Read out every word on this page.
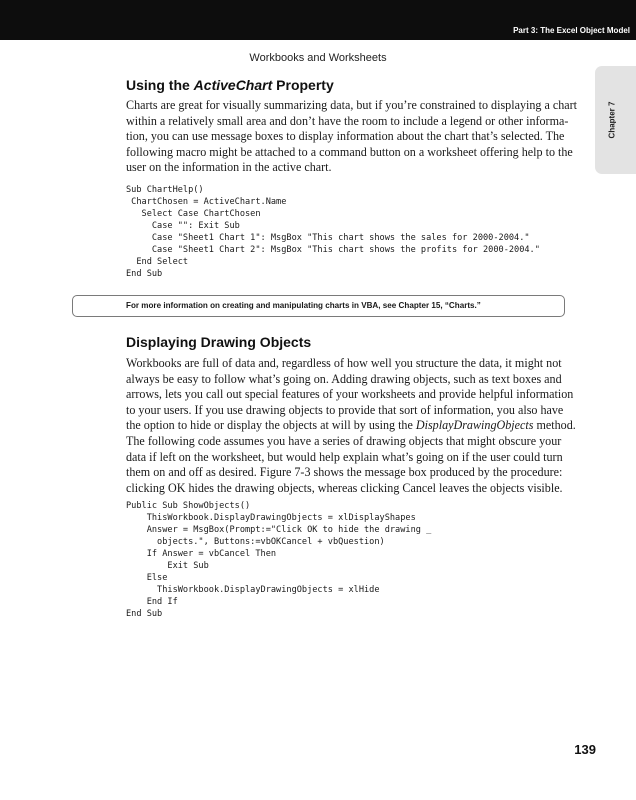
Part 3: The Excel Object Model
Workbooks and Worksheets
Chapter 7
Using the ActiveChart Property
Charts are great for visually summarizing data, but if you’re constrained to displaying a chart
within a relatively small area and don’t have the room to include a legend or other informa-
tion, you can use message boxes to display information about the chart that’s selected. The
following macro might be attached to a command button on a worksheet offering help to the
user on the information in the active chart.
Sub ChartHelp()
ChartChosen = ActiveChart.Name
Select Case ChartChosen
Case "": Exit Sub
Case "Sheet1 Chart 1": MsgBox "This chart shows the sales for 2000-2004."
Case "Sheet1 Chart 2": MsgBox "This chart shows the profits for 2000-2004."
End Select
End Sub
For more information on creating and manipulating charts in VBA, see Chapter 15, “Charts.”
Displaying Drawing Objects
Workbooks are full of data and, regardless of how well you structure the data, it might not
always be easy to follow what’s going on. Adding drawing objects, such as text boxes and
arrows, lets you call out special features of your worksheets and provide helpful information
to your users. If you use drawing objects to provide that sort of information, you also have
the option to hide or display the objects at will by using the DisplayDrawingObjects method.
The following code assumes you have a series of drawing objects that might obscure your
data if left on the worksheet, but would help explain what’s going on if the user could turn
them on and off as desired. Figure 7-3 shows the message box produced by the procedure:
clicking OK hides the drawing objects, whereas clicking Cancel leaves the objects visible.
Public Sub ShowObjects()
ThisWorkbook.DisplayDrawingObjects = xlDisplayShapes
Answer = MsgBox(Prompt:="Click OK to hide the drawing _
objects.", Buttons:=vbOKCancel + vbQuestion)
If Answer = vbCancel Then
Exit Sub
Else
ThisWorkbook.DisplayDrawingObjects = xlHide
End If
End Sub
139
